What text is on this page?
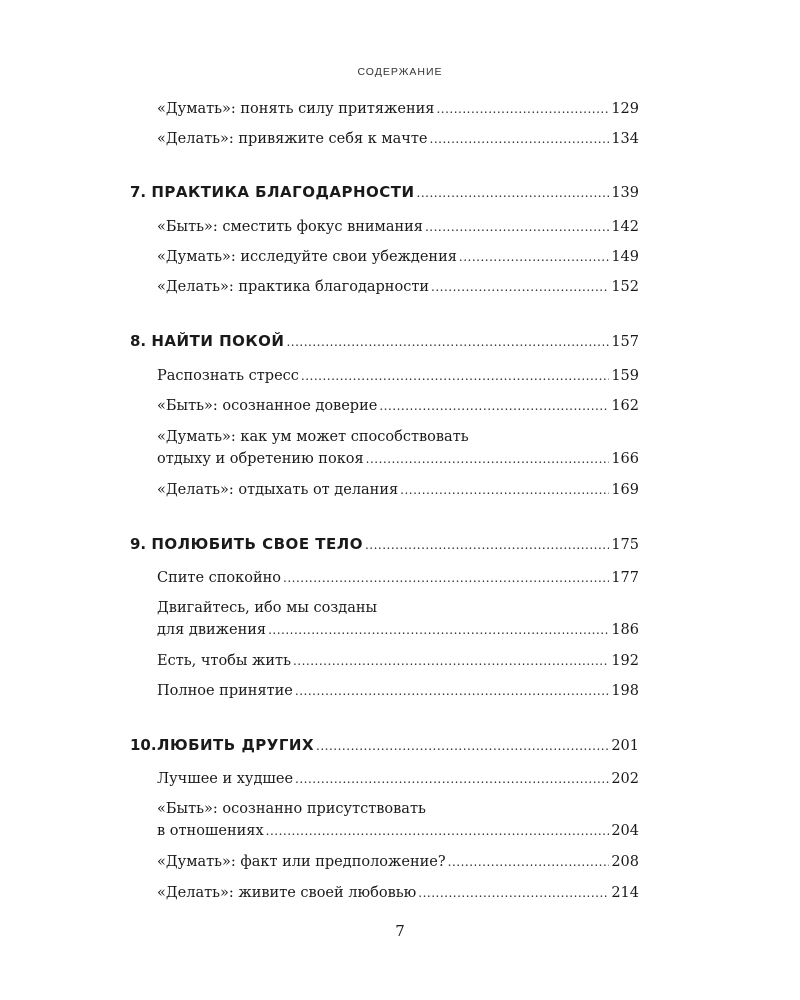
СОДЕРЖАНИЕ
«Думать»: понять силу притяжения .....	129
«Делать»: привяжите себя к мачте .....	134
7. ПРАКТИКА БЛАГОДАРНОСТИ .....	139
«Быть»: сместить фокус внимания .....	142
«Думать»: исследуйте свои убеждения .....	149
«Делать»: практика благодарности .....	152
8. НАЙТИ ПОКОЙ .....	157
Распознать стресс .....	159
«Быть»: осознанное доверие .....	162
«Думать»: как ум может способствовать
отдыху и обретению покоя .....	166
«Делать»: отдыхать от делания .....	169
9. ПОЛЮБИТЬ СВОЕ ТЕЛО .....	175
Спите спокойно .....	177
Двигайтесь, ибо мы созданы
для движения .....	186
Есть, чтобы жить .....	192
Полное принятие .....	198
10. ЛЮБИТЬ ДРУГИХ .....	201
Лучшее и худшее .....	202
«Быть»: осознанно присутствовать
в отношениях .....	204
«Думать»: факт или предположение? .....	208
«Делать»: живите своей любовью .....	214
7
